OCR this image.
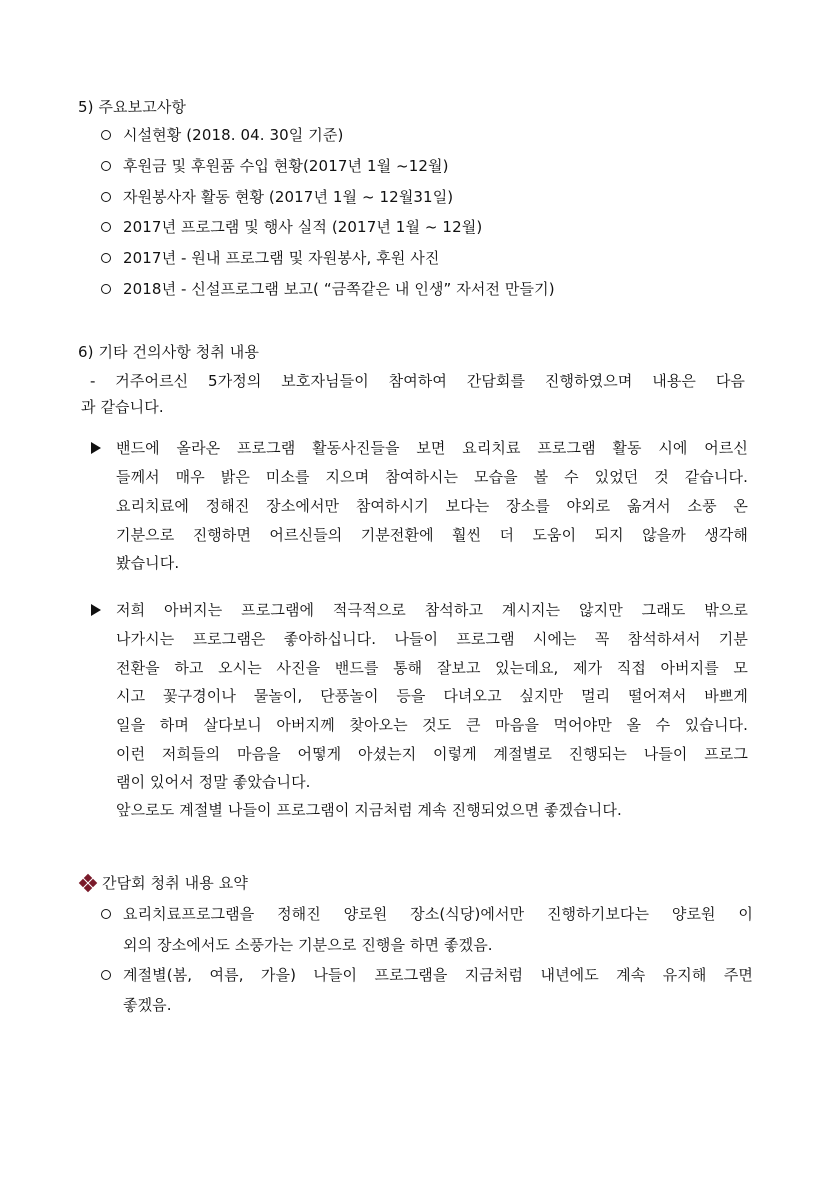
5) 주요보고사항
시설현황 (2018. 04. 30일 기준)
후원금 및 후원품 수입 현황(2017년 1월 ~12월)
자원봉사자 활동 현황 (2017년 1월 ~ 12월31일)
2017년 프로그램 및 행사 실적 (2017년 1월 ~ 12월)
2017년 - 원내 프로그램 및 자원봉사, 후원 사진
2018년 - 신설프로그램 보고( “금쪽같은 내 인생” 자서전 만들기)
6) 기타 건의사항 청취 내용
- 거주어르신 5가정의 보호자님들이 참여하여 간담회를 진행하였으며 내용은 다음
과 같습니다.
밴드에 올라온 프로그램 활동사진들을 보면 요리치료 프로그램 활동 시에 어르신
들께서 매우 밝은 미소를 지으며 참여하시는 모습을 볼 수 있었던 것 같습니다.
요리치료에 정해진 장소에서만 참여하시기 보다는 장소를 야외로 옮겨서 소풍 온
기분으로 진행하면 어르신들의 기분전환에 훨씬 더 도움이 되지 않을까 생각해
봤습니다.
저희 아버지는 프로그램에 적극적으로 참석하고 계시지는 않지만 그래도 밖으로
나가시는 프로그램은 좋아하십니다. 나들이 프로그램 시에는 꼭 참석하셔서 기분
전환을 하고 오시는 사진을 밴드를 통해 잘보고 있는데요, 제가 직접 아버지를 모
시고 꽃구경이나 물놀이, 단풍놀이 등을 다녀오고 싶지만 멀리 떨어져서 바쁘게
일을 하며 살다보니 아버지께 찾아오는 것도 큰 마음을 먹어야만 올 수 있습니다.
이런 저희들의 마음을 어떻게 아셨는지 이렇게 계절별로 진행되는 나들이 프로그
램이 있어서 정말 좋았습니다.
앞으로도 계절별 나들이 프로그램이 지금처럼 계속 진행되었으면 좋겠습니다.
간담회 청취 내용 요약
요리치료프로그램을 정해진 양로원 장소(식당)에서만 진행하기보다는 양로원 이
외의 장소에서도 소풍가는 기분으로 진행을 하면 좋겠음.
계절별(봄, 여름, 가을) 나들이 프로그램을 지금처럼 내년에도 계속 유지해 주면
좋겠음.
